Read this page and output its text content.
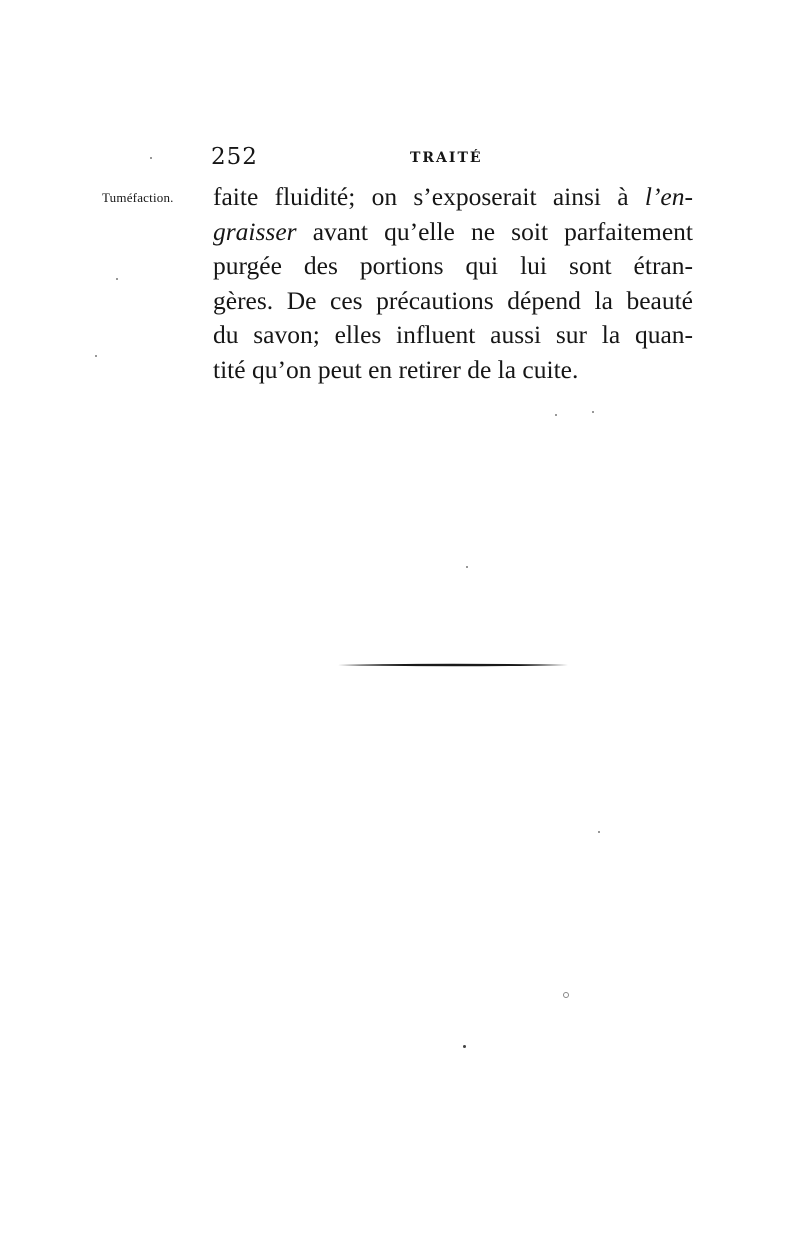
252	TRAITÉ
Tuméfaction. faite fluidité; on s’exposerait ainsi à l’en-
graisser avant qu’elle ne soit parfaitement
purgée des portions qui lui sont étran-
gères. De ces précautions dépend la beauté
du savon; elles influent aussi sur la quan-
tité qu’on peut en retirer de la cuite.
